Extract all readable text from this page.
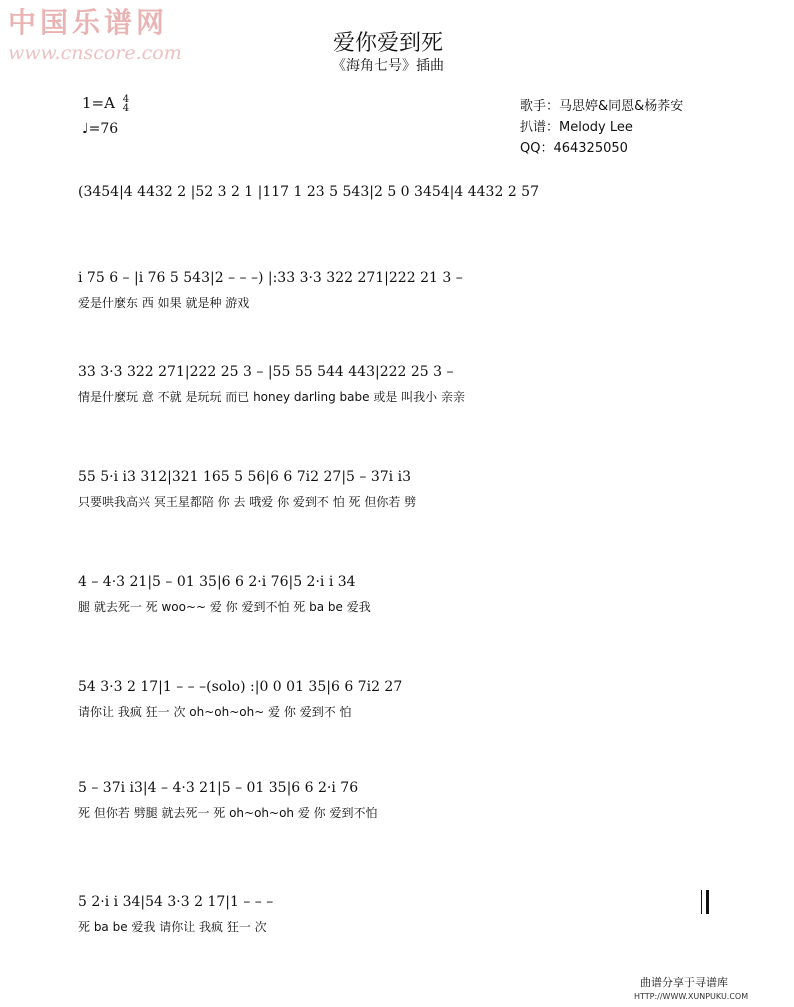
中国乐谱网
www.cnscore.com	爱你爱到死
《海角七号》插曲
1=A 4
4
♩=76
歌手：马思婷&同恩&杨荞安
扒谱：Melody Lee
QQ：464325050
(3454|4 4432 2 |52 3 2 1 |117 1 23 5 543|2 5 0 3454|4 4432 2 57
i 75 6 – |i 76 5 543|2 – – –) |:33 3·3 322 271|222 21 3 –
爱是什麼东 西 如果 就是种 游戏
33 3·3 322 271|222 25 3 – |55 55 544 443|222 25 3 –
情是什麼玩 意 不就 是玩玩 而已 honey darling babe 或是 叫我小 亲亲
55 5·i i3 312|321 165 5 56|6 6 7i2 27|5 – 37i i3
只要哄我高兴 冥王星都陪 你 去 哦爱 你 爱到不 怕 死 但你若 劈
4 – 4·3 21|5 – 01 35|6 6 2·i 76|5 2·i i 34
腿 就去死一 死 woo~~ 爱 你 爱到不怕 死 ba be 爱我
54 3·3 2 17|1 – – –(solo) :|0 0 01 35|6 6 7i2 27
请你让 我疯 狂一 次 oh~oh~oh~ 爱 你 爱到不 怕
5 – 37i i3|4 – 4·3 21|5 – 01 35|6 6 2·i 76
死 但你若 劈腿 就去死一 死 oh~oh~oh 爱 你 爱到不怕
5 2·i i 34|54 3·3 2 17|1 – – –
死 ba be 爱我 请你让 我疯 狂一 次
曲谱分享于寻谱库
HTTP://WWW.XUNPUKU.COM
